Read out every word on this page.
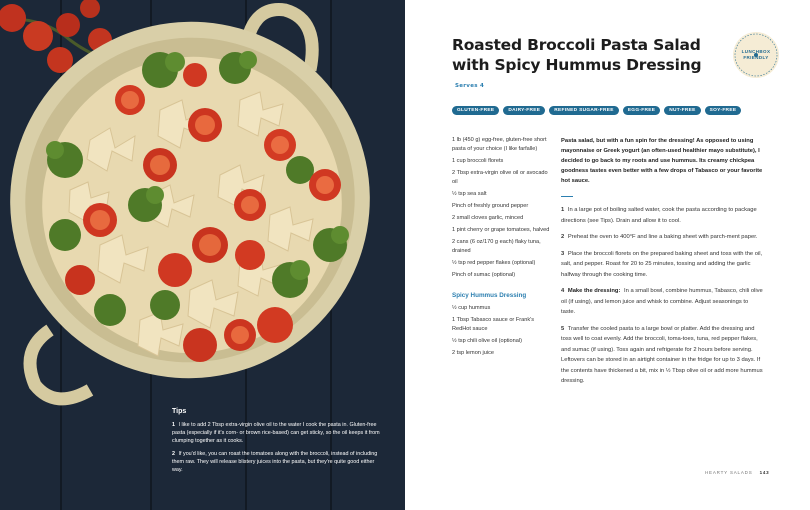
Tips
1 I like to add 2 Tbsp extra-virgin olive oil to the water I cook the pasta in. Gluten-free pasta (especially if it's corn- or brown rice-based) can get sticky, so the oil keeps it from clumping together as it cooks.
2 If you'd like, you can roast the tomatoes along with the broccoli, instead of including them raw. They will release blistery juices into the pasta, but they're quite good either way.
Roasted Broccoli Pasta Salad with Spicy Hummus Dressing Serves 4
LUNCHBOX FRIENDLY
GLUTEN-FREE	DAIRY-FREE	REFINED SUGAR-FREE	EGG-FREE	NUT-FREE	SOY-FREE
1 lb (450 g) egg-free, gluten-free short pasta of your choice (I like farfalle)
1 cup broccoli florets
2 Tbsp extra-virgin olive oil or avocado oil
½ tsp sea salt
Pinch of freshly ground pepper
2 small cloves garlic, minced
1 pint cherry or grape tomatoes, halved
2 cans (6 oz/170 g each) flaky tuna, drained
½ tsp red pepper flakes (optional)
Pinch of sumac (optional)
Spicy Hummus Dressing
½ cup hummus
1 Tbsp Tabasco sauce or Frank's RedHot sauce
½ tsp chili olive oil (optional)
2 tsp lemon juice
Pasta salad, but with a fun spin for the dressing! As opposed to using mayonnaise or Greek yogurt (an often-used healthier mayo substitute), I decided to go back to my roots and use hummus. Its creamy chickpea goodness tastes even better with a few drops of Tabasco or your favorite hot sauce.
1 In a large pot of boiling salted water, cook the pasta according to package directions (see Tips). Drain and allow it to cool.
2 Preheat the oven to 400°F and line a baking sheet with parch-ment paper.
3 Place the broccoli florets on the prepared baking sheet and toss with the oil, salt, and pepper. Roast for 20 to 25 minutes, tossing and adding the garlic halfway through the cooking time.
4 Make the dressing: In a small bowl, combine hummus, Tabasco, chili olive oil (if using), and lemon juice and whisk to combine. Adjust seasonings to taste.
5 Transfer the cooled pasta to a large bowl or platter. Add the dressing and toss well to coat evenly. Add the broccoli, toma-toes, tuna, red pepper flakes, and sumac (if using). Toss again and refrigerate for 2 hours before serving. Leftovers can be stored in an airtight container in the fridge for up to 3 days. If the contents have thickened a bit, mix in ½ Tbsp olive oil or add more hummus dressing.
HEARTY SALADS 143
